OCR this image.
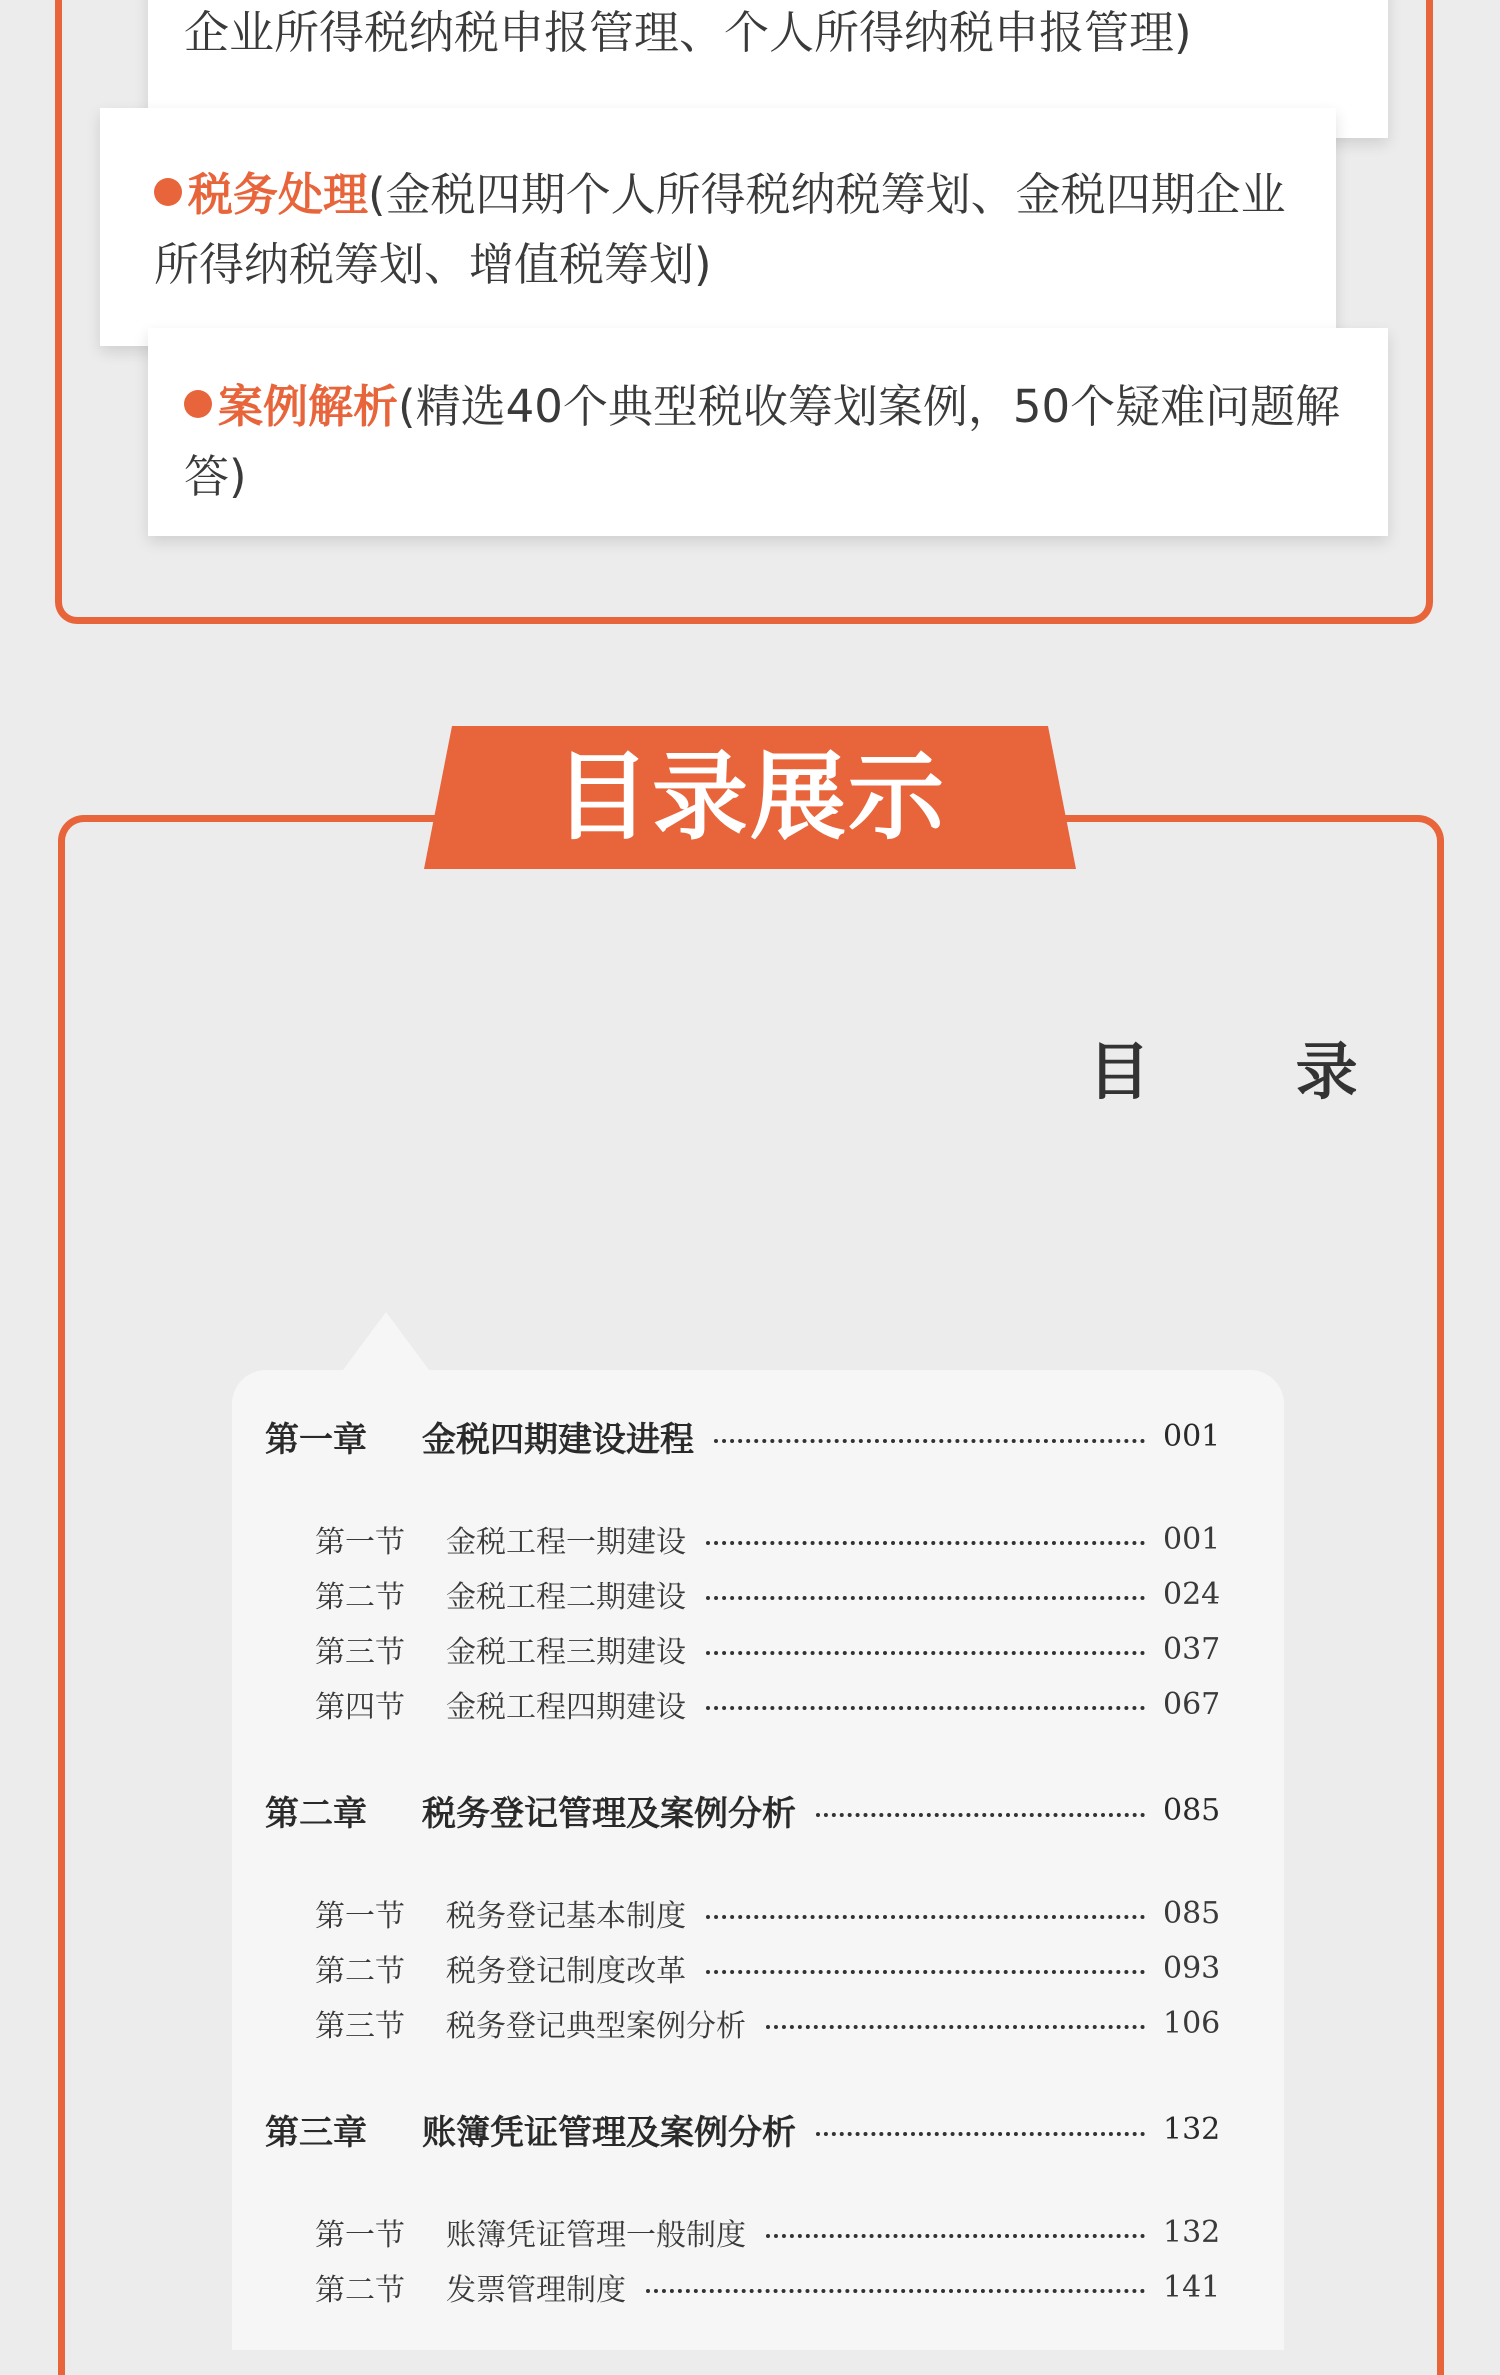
企业所得税纳税申报管理、个人所得纳税申报管理)
税务处理(金税四期个人所得税纳税筹划、金税四期企业所得纳税筹划、增值税筹划)
案例解析(精选40个典型税收筹划案例，50个疑难问题解答)
目录展示
目 录
第一章	金税四期建设进程	001
第一节	金税工程一期建设	001
第二节	金税工程二期建设	024
第三节	金税工程三期建设	037
第四节	金税工程四期建设	067
第二章	税务登记管理及案例分析	085
第一节	税务登记基本制度	085
第二节	税务登记制度改革	093
第三节	税务登记典型案例分析	106
第三章	账簿凭证管理及案例分析	132
第一节	账簿凭证管理一般制度	132
第二节	发票管理制度	141
